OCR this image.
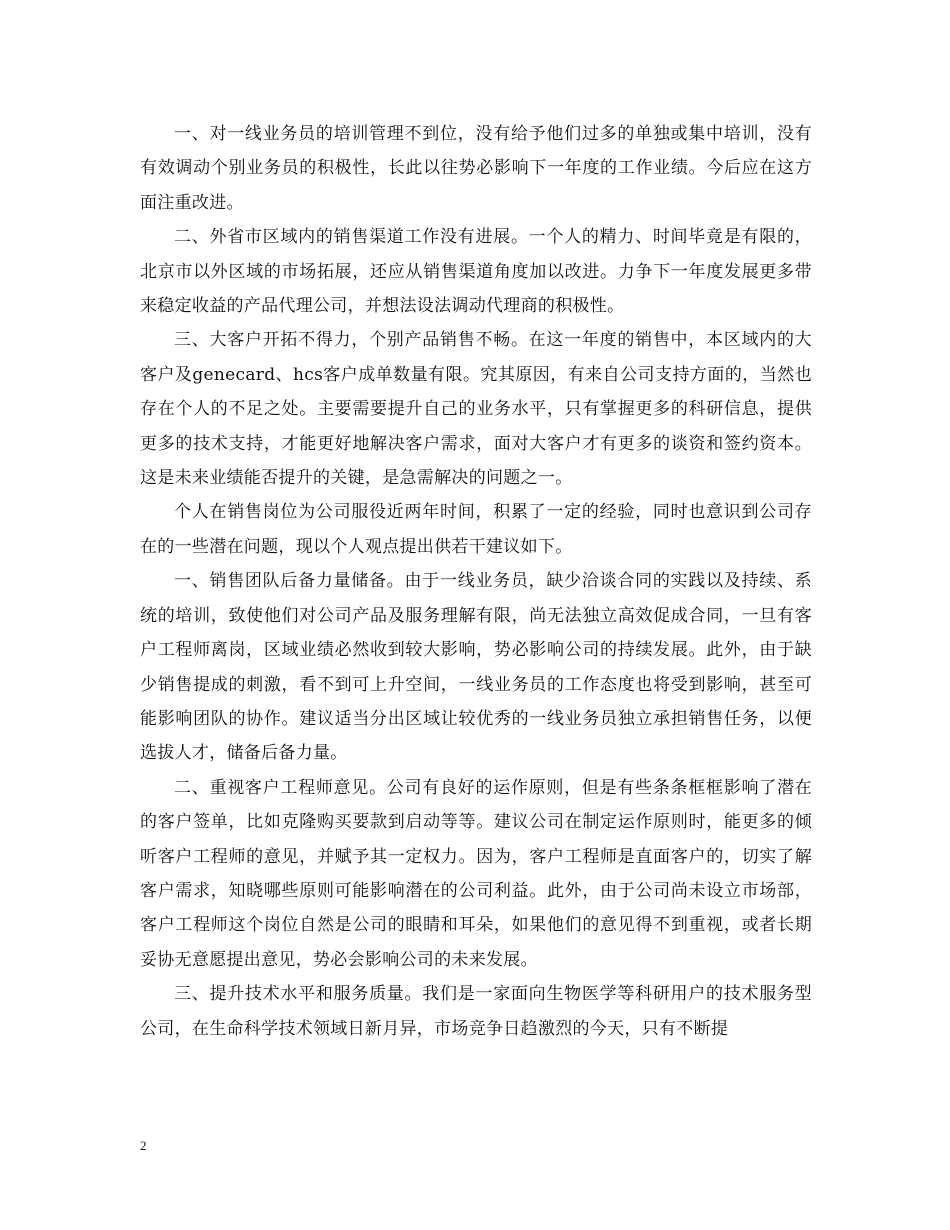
一、对一线业务员的培训管理不到位，没有给予他们过多的单独或集中培训，没有有效调动个别业务员的积极性，长此以往势必影响下一年度的工作业绩。今后应在这方面注重改进。

二、外省市区域内的销售渠道工作没有进展。一个人的精力、时间毕竟是有限的，北京市以外区域的市场拓展，还应从销售渠道角度加以改进。力争下一年度发展更多带来稳定收益的产品代理公司，并想法设法调动代理商的积极性。

三、大客户开拓不得力，个别产品销售不畅。在这一年度的销售中，本区域内的大客户及genecard、hcs客户成单数量有限。究其原因，有来自公司支持方面的，当然也存在个人的不足之处。主要需要提升自己的业务水平，只有掌握更多的科研信息，提供更多的技术支持，才能更好地解决客户需求，面对大客户才有更多的谈资和签约资本。这是未来业绩能否提升的关键，是急需解决的问题之一。

个人在销售岗位为公司服役近两年时间，积累了一定的经验，同时也意识到公司存在的一些潜在问题，现以个人观点提出供若干建议如下。

一、销售团队后备力量储备。由于一线业务员，缺少洽谈合同的实践以及持续、系统的培训，致使他们对公司产品及服务理解有限，尚无法独立高效促成合同，一旦有客户工程师离岗，区域业绩必然收到较大影响，势必影响公司的持续发展。此外，由于缺少销售提成的刺激，看不到可上升空间，一线业务员的工作态度也将受到影响，甚至可能影响团队的协作。建议适当分出区域让较优秀的一线业务员独立承担销售任务，以便选拔人才，储备后备力量。

二、重视客户工程师意见。公司有良好的运作原则，但是有些条条框框影响了潜在的客户签单，比如克隆购买要款到启动等等。建议公司在制定运作原则时，能更多的倾听客户工程师的意见，并赋予其一定权力。因为，客户工程师是直面客户的，切实了解客户需求，知晓哪些原则可能影响潜在的公司利益。此外，由于公司尚未设立市场部，客户工程师这个岗位自然是公司的眼睛和耳朵，如果他们的意见得不到重视，或者长期妥协无意愿提出意见，势必会影响公司的未来发展。

三、提升技术水平和服务质量。我们是一家面向生物医学等科研用户的技术服务型公司，在生命科学技术领域日新月异，市场竞争日趋激烈的今天，只有不断提

2
